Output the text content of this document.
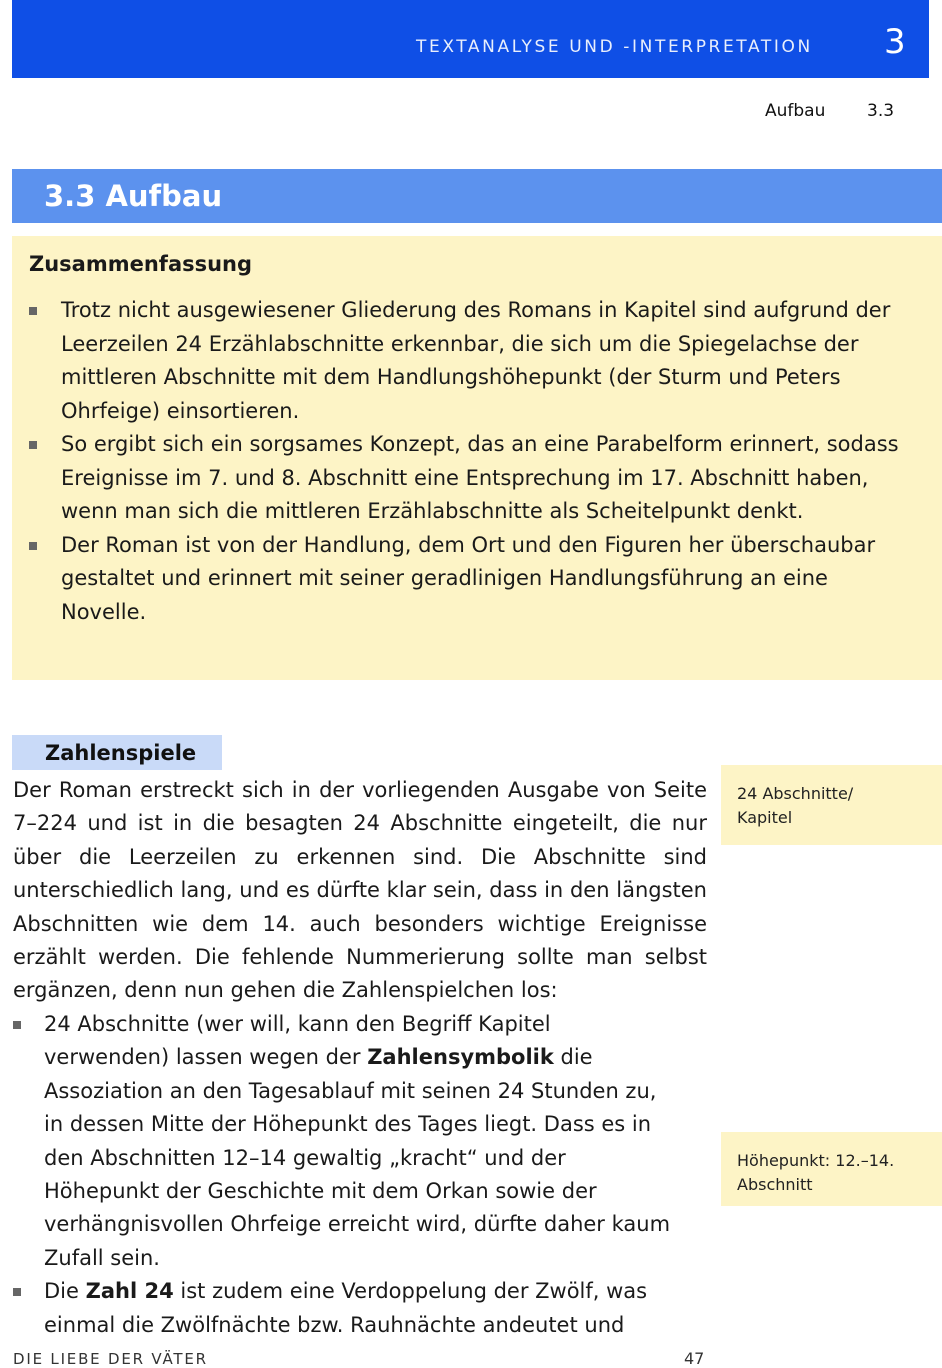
TEXTANALYSE UND -INTERPRETATION 3
Aufbau 3.3
3.3 Aufbau
Zusammenfassung
Trotz nicht ausgewiesener Gliederung des Romans in Kapitel sind aufgrund der Leerzeilen 24 Erzählabschnitte erkennbar, die sich um die Spiegelachse der mittleren Abschnitte mit dem Handlungshöhepunkt (der Sturm und Peters Ohrfeige) einsortieren.
So ergibt sich ein sorgsames Konzept, das an eine Parabelform erinnert, sodass Ereignisse im 7. und 8. Abschnitt eine Entsprechung im 17. Abschnitt haben, wenn man sich die mittleren Erzählabschnitte als Scheitelpunkt denkt.
Der Roman ist von der Handlung, dem Ort und den Figuren her überschaubar gestaltet und erinnert mit seiner geradlinigen Handlungsführung an eine Novelle.
Zahlenspiele

Der Roman erstreckt sich in der vorliegenden Ausgabe von Seite 7–224 und ist in die besagten 24 Abschnitte eingeteilt, die nur über die Leerzeilen zu erkennen sind. Die Abschnitte sind unterschiedlich lang, und es dürfte klar sein, dass in den längsten Abschnitten wie dem 14. auch besonders wichtige Ereignisse erzählt werden. Die fehlende Nummerierung sollte man selbst ergänzen, denn nun gehen die Zahlenspielchen los:

24 Abschnitte (wer will, kann den Begriff Kapitel verwenden) lassen wegen der Zahlensymbolik die Assoziation an den Tagesablauf mit seinen 24 Stunden zu, in dessen Mitte der Höhepunkt des Tages liegt. Dass es in den Abschnitten 12–14 gewaltig „kracht“ und der Höhepunkt der Geschichte mit dem Orkan sowie der verhängnisvollen Ohrfeige erreicht wird, dürfte daher kaum Zufall sein.
Die Zahl 24 ist zudem eine Verdoppelung der Zwölf, was einmal die Zwölfnächte bzw. Rauhnächte andeutet und
24 Abschnitte/ Kapitel
Höhepunkt: 12.–14. Abschnitt
DIE LIEBE DER VÄTER	47
